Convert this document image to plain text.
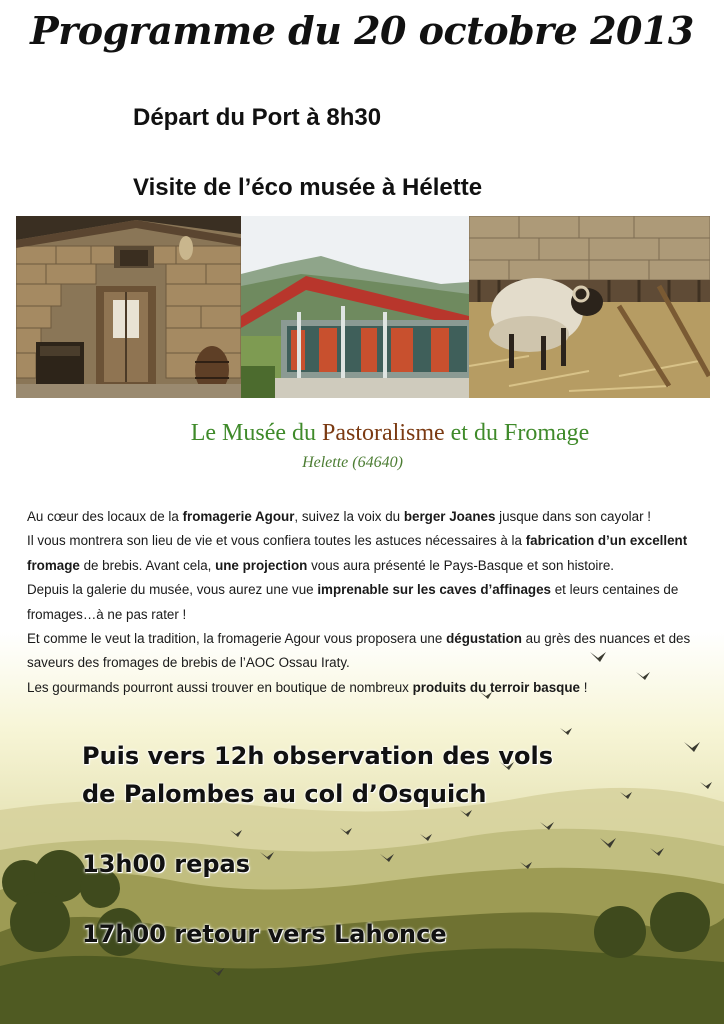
Programme du 20 octobre 2013
Départ du Port à 8h30
Visite de l’éco musée à Hélette
Le Musée du Pastoralisme et du Fromage
Helette (64640)

Au cœur des locaux de la fromagerie Agour, suivez la voix du berger Joanes jusque dans son cayolar !

Il vous montrera son lieu de vie et vous confiera toutes les astuces nécessaires à la fabrication d’un excellent fromage de brebis. Avant cela, une projection vous aura présenté le Pays-Basque et son histoire.

Depuis la galerie du musée, vous aurez une vue imprenable sur les caves d’affinages et leurs centaines de fromages…à ne pas rater !

Et comme le veut la tradition, la fromagerie Agour vous proposera une dégustation au grès des nuances et des saveurs des fromages de brebis de l’AOC Ossau Iraty.

Les gourmands pourront aussi trouver en boutique de nombreux produits du terroir basque !

Puis vers 12h observation des vols
de Palombes au col d’Osquich
13h00 repas
17h00 retour vers Lahonce
